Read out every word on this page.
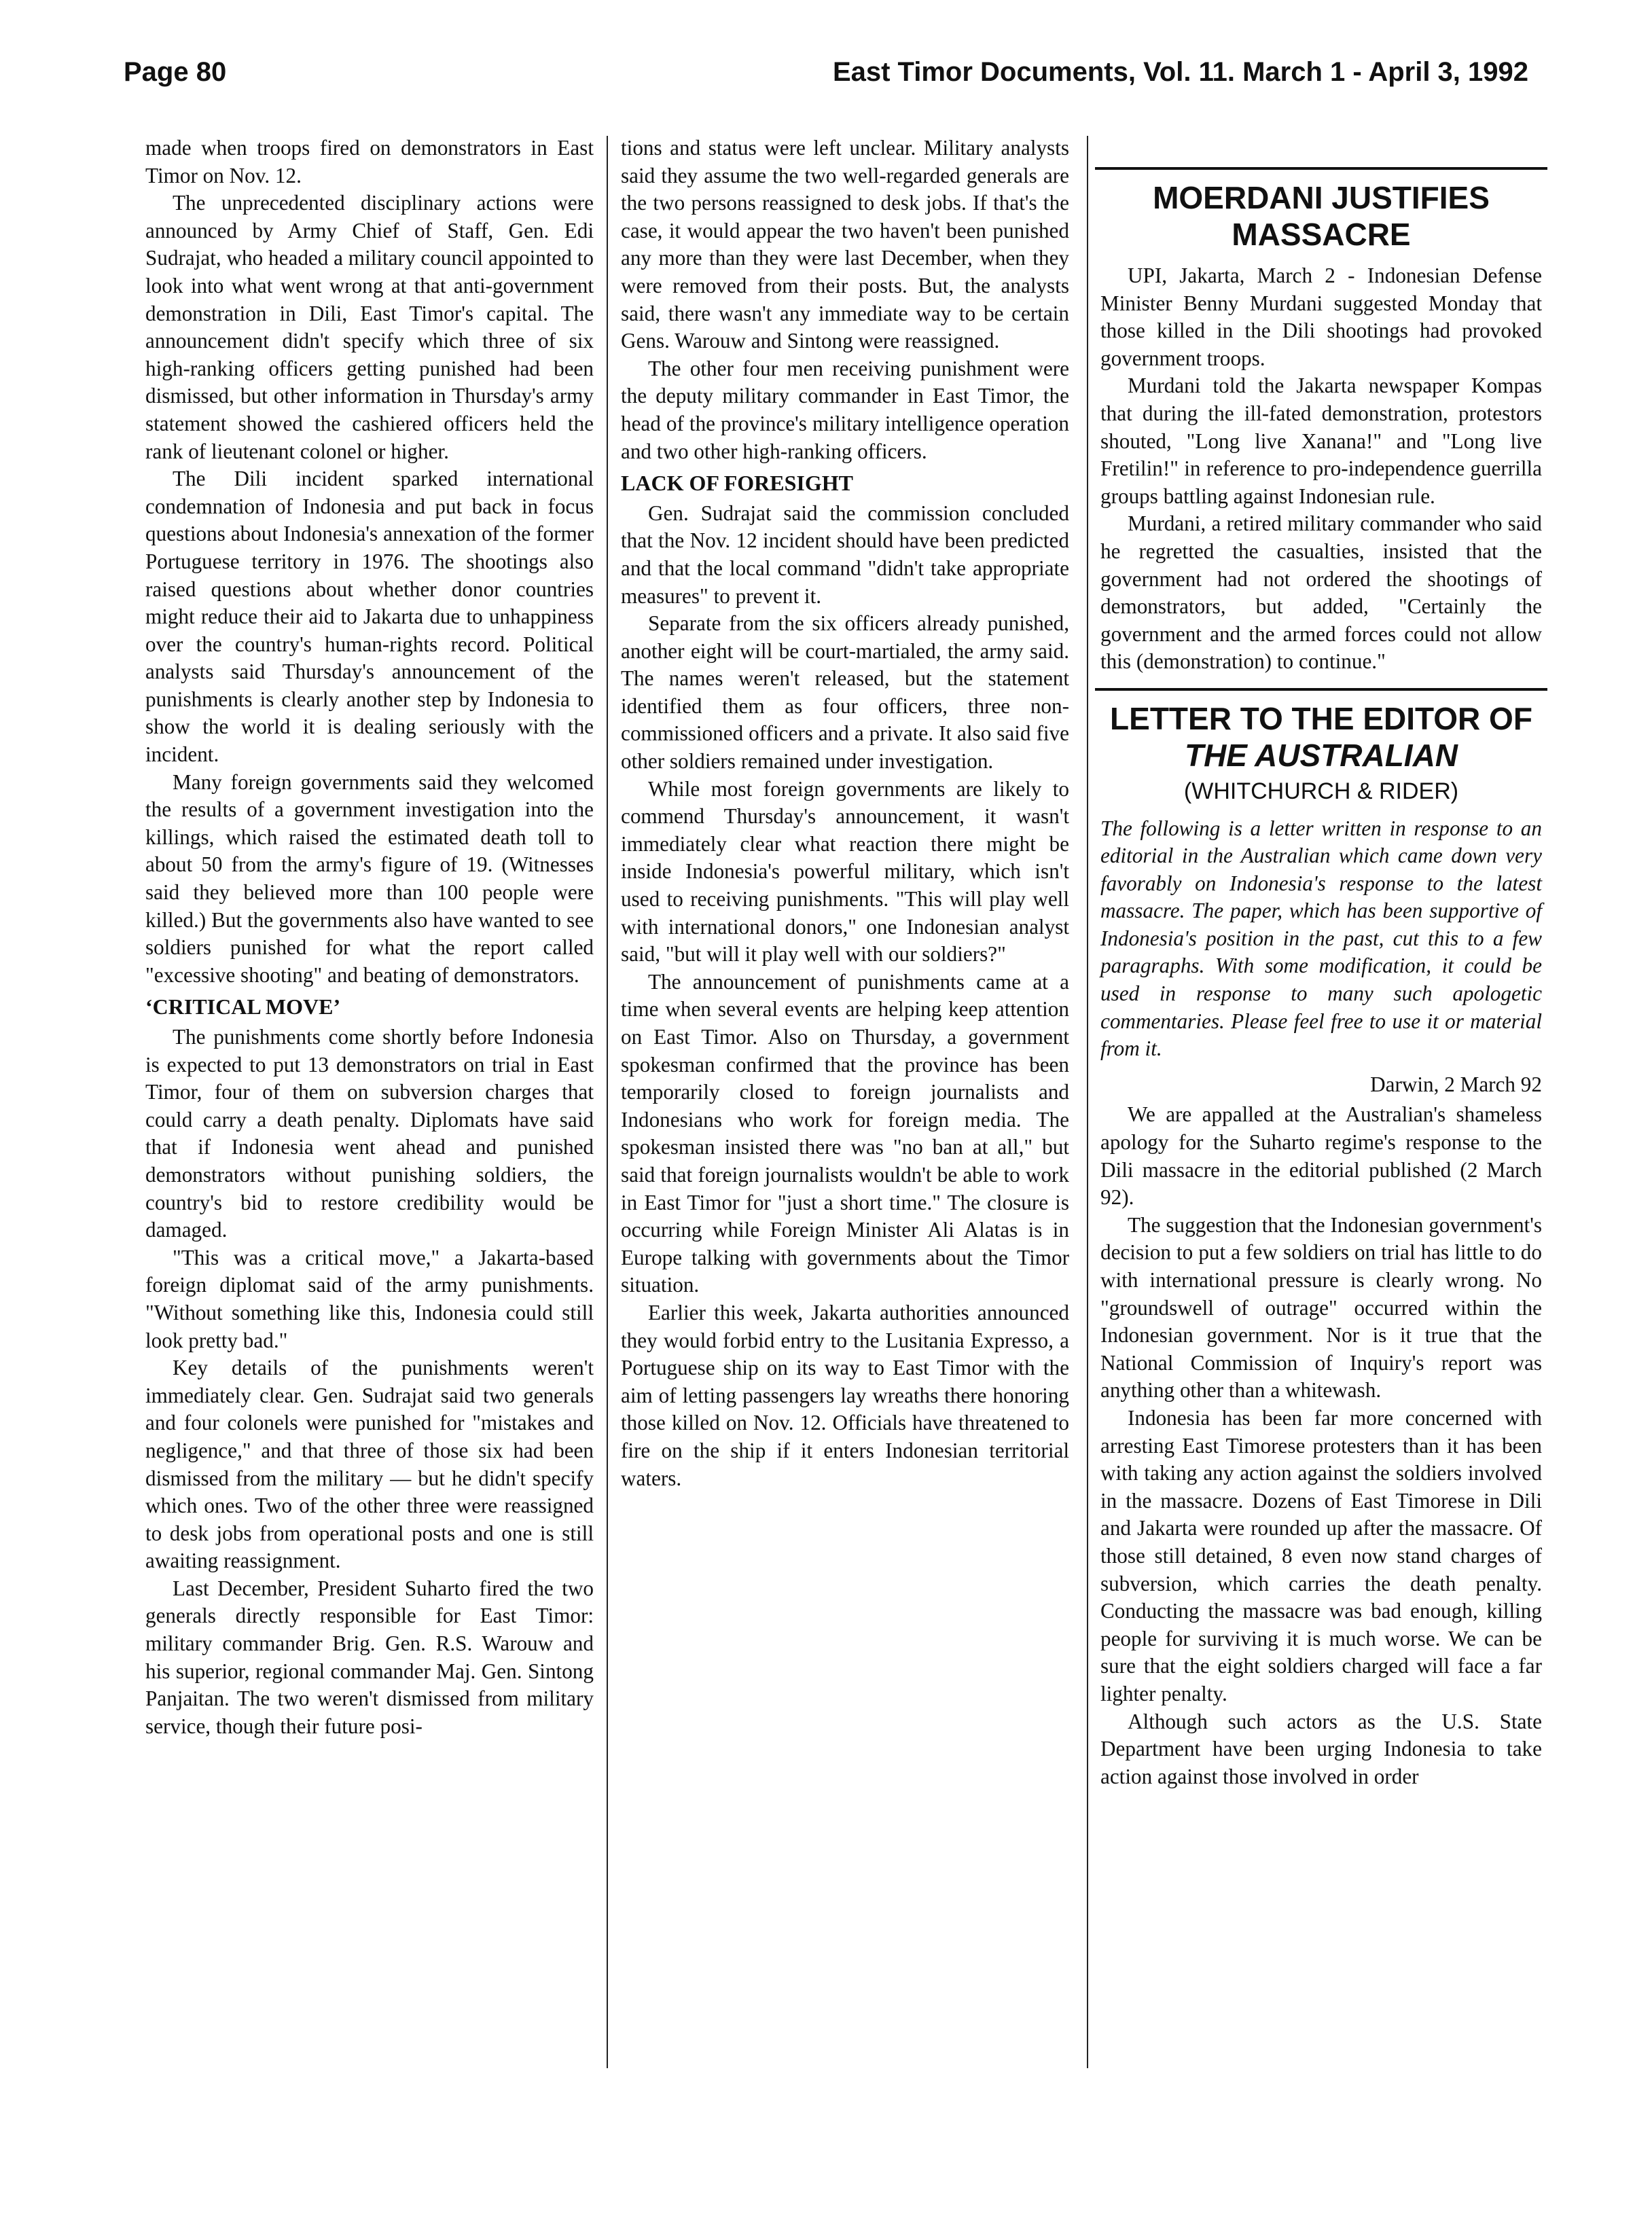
Page 80	East Timor Documents, Vol. 11. March 1 - April 3, 1992

made when troops fired on demonstrators in East Timor on Nov. 12.

The unprecedented disciplinary actions were announced by Army Chief of Staff, Gen. Edi Sudrajat, who headed a military council appointed to look into what went wrong at that anti-government demonstration in Dili, East Timor's capital. The announcement didn't specify which three of six high-ranking officers getting punished had been dismissed, but other information in Thursday's army statement showed the cashiered officers held the rank of lieutenant colonel or higher.

The Dili incident sparked international condemnation of Indonesia and put back in focus questions about Indonesia's annexation of the former Portuguese territory in 1976. The shootings also raised questions about whether donor countries might reduce their aid to Jakarta due to unhappiness over the country's human-rights record. Political analysts said Thursday's announcement of the punishments is clearly another step by Indonesia to show the world it is dealing seriously with the incident.

Many foreign governments said they welcomed the results of a government investigation into the killings, which raised the estimated death toll to about 50 from the army's figure of 19. (Witnesses said they believed more than 100 people were killed.) But the governments also have wanted to see soldiers punished for what the report called "excessive shooting" and beating of demonstrators.

‘CRITICAL MOVE’

The punishments come shortly before Indonesia is expected to put 13 demonstrators on trial in East Timor, four of them on subversion charges that could carry a death penalty. Diplomats have said that if Indonesia went ahead and punished demonstrators without punishing soldiers, the country's bid to restore credibility would be damaged.

"This was a critical move," a Jakarta-based foreign diplomat said of the army punishments. "Without something like this, Indonesia could still look pretty bad."

Key details of the punishments weren't immediately clear. Gen. Sudrajat said two generals and four colonels were punished for "mistakes and negligence," and that three of those six had been dismissed from the military — but he didn't specify which ones. Two of the other three were reassigned to desk jobs from operational posts and one is still awaiting reassignment.

Last December, President Suharto fired the two generals directly responsible for East Timor: military commander Brig. Gen. R.S. Warouw and his superior, regional commander Maj. Gen. Sintong Panjaitan. The two weren't dismissed from military service, though their future posi-

tions and status were left unclear. Military analysts said they assume the two well-regarded generals are the two persons reassigned to desk jobs. If that's the case, it would appear the two haven't been punished any more than they were last December, when they were removed from their posts. But, the analysts said, there wasn't any immediate way to be certain Gens. Warouw and Sintong were reassigned.

The other four men receiving punishment were the deputy military commander in East Timor, the head of the province's military intelligence operation and two other high-ranking officers.

LACK OF FORESIGHT

Gen. Sudrajat said the commission concluded that the Nov. 12 incident should have been predicted and that the local command "didn't take appropriate measures" to prevent it.

Separate from the six officers already punished, another eight will be court-martialed, the army said. The names weren't released, but the statement identified them as four officers, three non-commissioned officers and a private. It also said five other soldiers remained under investigation.

While most foreign governments are likely to commend Thursday's announcement, it wasn't immediately clear what reaction there might be inside Indonesia's powerful military, which isn't used to receiving punishments. "This will play well with international donors," one Indonesian analyst said, "but will it play well with our soldiers?"

The announcement of punishments came at a time when several events are helping keep attention on East Timor. Also on Thursday, a government spokesman confirmed that the province has been temporarily closed to foreign journalists and Indonesians who work for foreign media. The spokesman insisted there was "no ban at all," but said that foreign journalists wouldn't be able to work in East Timor for "just a short time." The closure is occurring while Foreign Minister Ali Alatas is in Europe talking with governments about the Timor situation.

Earlier this week, Jakarta authorities announced they would forbid entry to the Lusitania Expresso, a Portuguese ship on its way to East Timor with the aim of letting passengers lay wreaths there honoring those killed on Nov. 12. Officials have threatened to fire on the ship if it enters Indonesian territorial waters.

MOERDANI JUSTIFIES MASSACRE

UPI, Jakarta, March 2 - Indonesian Defense Minister Benny Murdani suggested Monday that those killed in the Dili shootings had provoked government troops.

Murdani told the Jakarta newspaper Kompas that during the ill-fated demonstration, protestors shouted, "Long live Xanana!" and "Long live Fretilin!" in reference to pro-independence guerrilla groups battling against Indonesian rule.

Murdani, a retired military commander who said he regretted the casualties, insisted that the government had not ordered the shootings of demonstrators, but added, "Certainly the government and the armed forces could not allow this (demonstration) to continue."

LETTER TO THE EDITOR OF
THE AUSTRALIAN
(WHITCHURCH & RIDER)

The following is a letter written in response to an editorial in the Australian which came down very favorably on Indonesia's response to the latest massacre. The paper, which has been supportive of Indonesia's position in the past, cut this to a few paragraphs. With some modification, it could be used in response to many such apologetic commentaries. Please feel free to use it or material from it.

Darwin, 2 March 92

We are appalled at the Australian's shameless apology for the Suharto regime's response to the Dili massacre in the editorial published (2 March 92).

The suggestion that the Indonesian government's decision to put a few soldiers on trial has little to do with international pressure is clearly wrong. No "groundswell of outrage" occurred within the Indonesian government. Nor is it true that the National Commission of Inquiry's report was anything other than a whitewash.

Indonesia has been far more concerned with arresting East Timorese protesters than it has been with taking any action against the soldiers involved in the massacre. Dozens of East Timorese in Dili and Jakarta were rounded up after the massacre. Of those still detained, 8 even now stand charges of subversion, which carries the death penalty. Conducting the massacre was bad enough, killing people for surviving it is much worse. We can be sure that the eight soldiers charged will face a far lighter penalty.

Although such actors as the U.S. State Department have been urging Indonesia to take action against those involved in order
